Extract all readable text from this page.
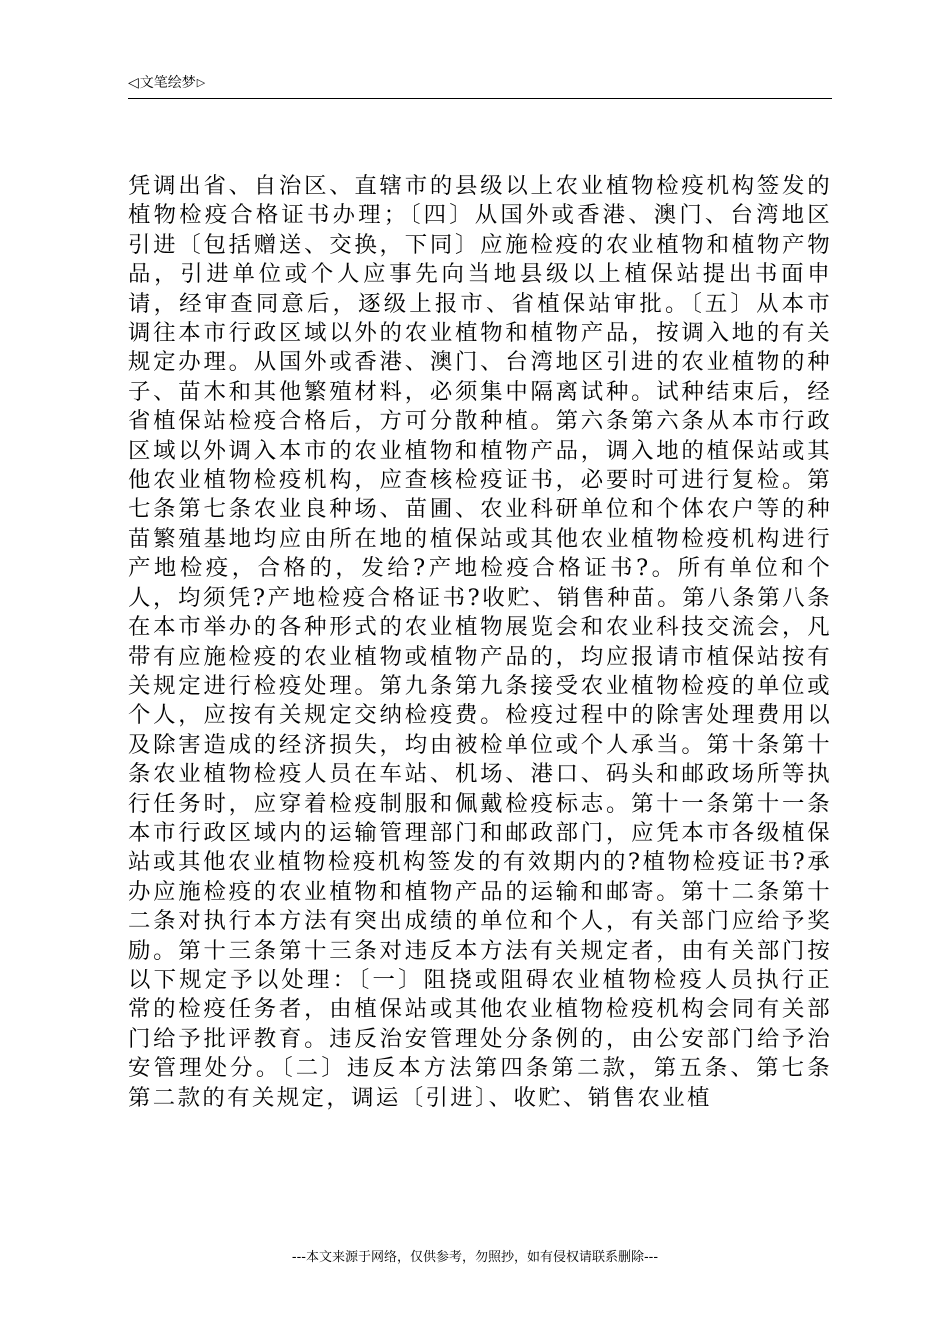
◁ 文笔绘梦 ▷

凭调出省、自治区、直辖市的县级以上农业植物检疫机构签发的植物检疫合格证书办理；〔四〕从国外或香港、澳门、台湾地区引进〔包括赠送、交换，下同〕应施检疫的农业植物和植物产物品，引进单位或个人应事先向当地县级以上植保站提出书面申请，经审查同意后，逐级上报市、省植保站审批。〔五〕从本市调往本市行政区域以外的农业植物和植物产品，按调入地的有关规定办理。从国外或香港、澳门、台湾地区引进的农业植物的种子、苗木和其他繁殖材料，必须集中隔离试种。试种结束后，经省植保站检疫合格后，方可分散种植。第六条第六条从本市行政区域以外调入本市的农业植物和植物产品，调入地的植保站或其他农业植物检疫机构，应查核检疫证书，必要时可进行复检。第七条第七条农业良种场、苗圃、农业科研单位和个体农户等的种苗繁殖基地均应由所在地的植保站或其他农业植物检疫机构进行产地检疫，合格的，发给?产地检疫合格证书?。所有单位和个人，均须凭?产地检疫合格证书?收贮、销售种苗。第八条第八条在本市举办的各种形式的农业植物展览会和农业科技交流会，凡带有应施检疫的农业植物或植物产品的，均应报请市植保站按有关规定进行检疫处理。第九条第九条接受农业植物检疫的单位或个人，应按有关规定交纳检疫费。检疫过程中的除害处理费用以及除害造成的经济损失，均由被检单位或个人承当。第十条第十条农业植物检疫人员在车站、机场、港口、码头和邮政场所等执行任务时，应穿着检疫制服和佩戴检疫标志。第十一条第十一条本市行政区域内的运输管理部门和邮政部门，应凭本市各级植保站或其他农业植物检疫机构签发的有效期内的?植物检疫证书?承办应施检疫的农业植物和植物产品的运输和邮寄。第十二条第十二条对执行本方法有突出成绩的单位和个人，有关部门应给予奖励。第十三条第十三条对违反本方法有关规定者，由有关部门按以下规定予以处理：〔一〕阻挠或阻碍农业植物检疫人员执行正常的检疫任务者，由植保站或其他农业植物检疫机构会同有关部门给予批评教育。违反治安管理处分条例的，由公安部门给予治安管理处分。〔二〕违反本方法第四条第二款，第五条、第七条第二款的有关规定，调运〔引进〕、收贮、销售农业植

---本文来源于网络，仅供参考，勿照抄，如有侵权请联系删除---
